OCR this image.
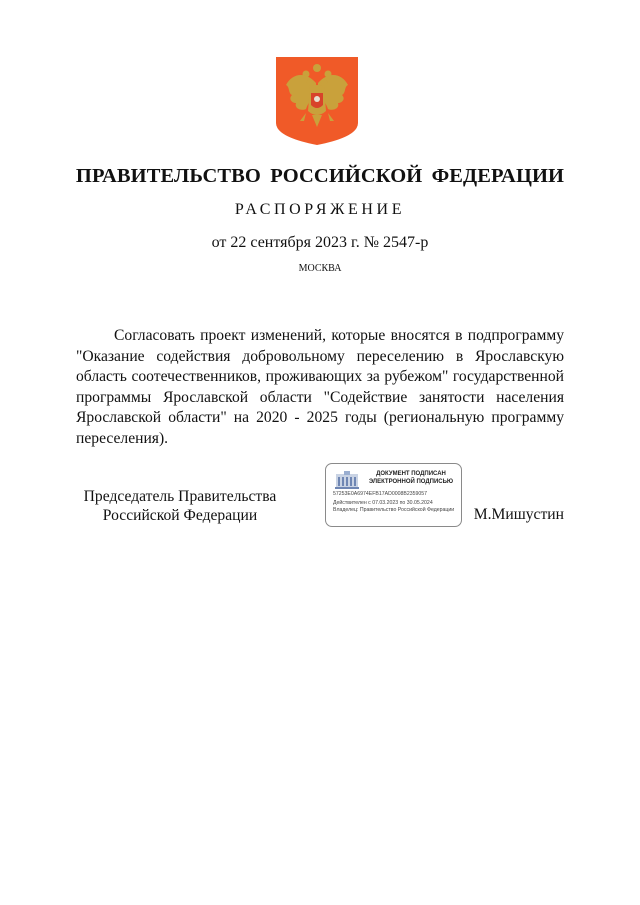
ПРАВИТЕЛЬСТВО РОССИЙСКОЙ ФЕДЕРАЦИИ
РАСПОРЯЖЕНИЕ
от 22 сентября 2023 г. № 2547-р
МОСКВА

Согласовать проект изменений, которые вносятся в подпрограмму "Оказание содействия добровольному переселению в Ярославскую область соотечественников, проживающих за рубежом" государственной программы Ярославской области "Содействие занятости населения Ярославской области" на 2020 - 2025 годы (региональную программу переселения).

Председатель Правительства
Российской Федерации
ДОКУМЕНТ ПОДПИСАН
ЭЛЕКТРОННОЙ ПОДПИСЬЮ
57253E0A6974EFB17AD0008B2359057
Действителен с 07.03.2023 по 30.05.2024
Владелец: Правительство Российской Федерации	М.Мишустин
